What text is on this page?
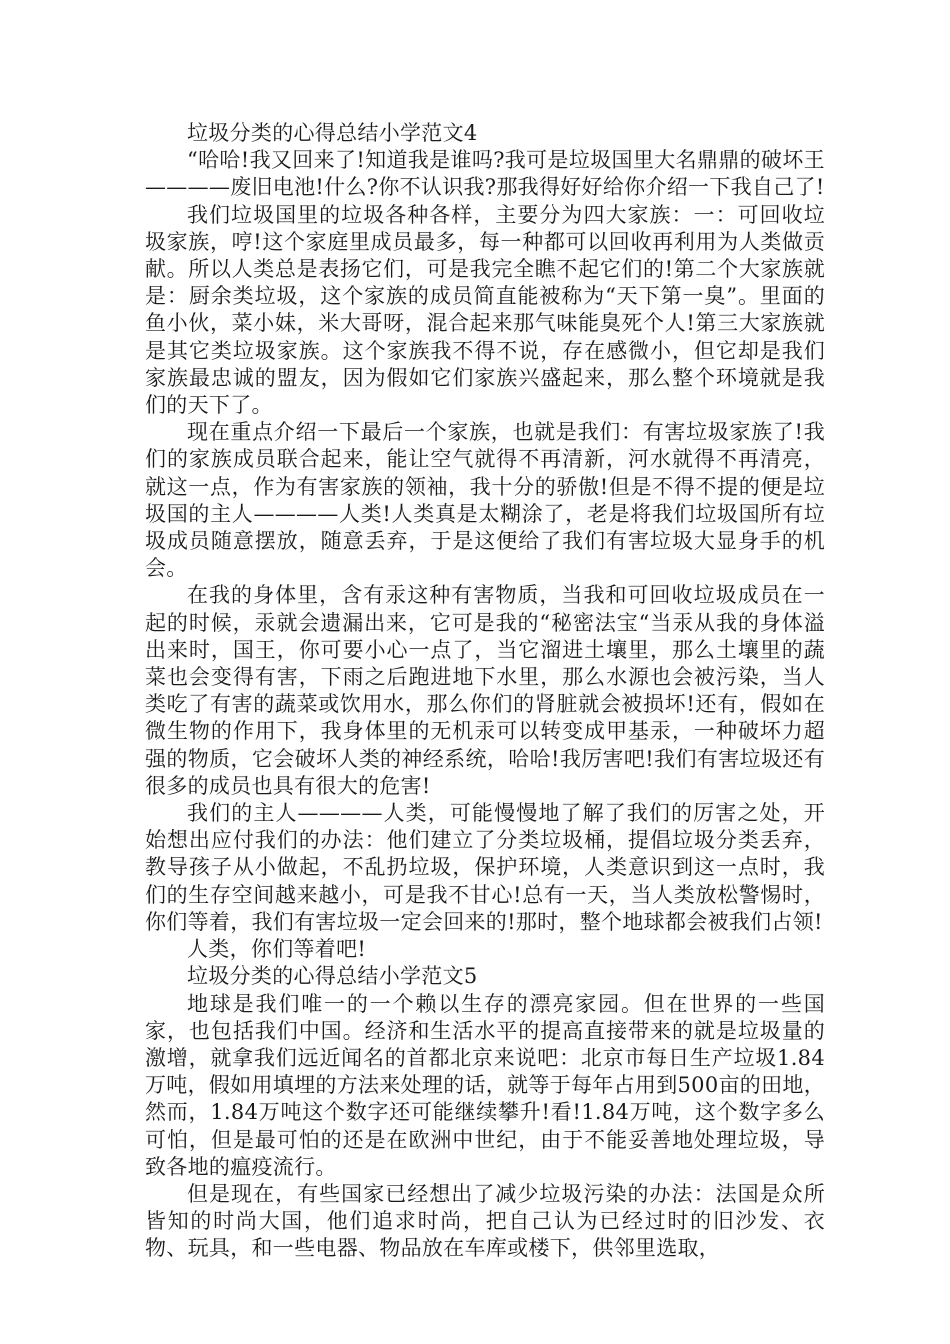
垃圾分类的心得总结小学范文4

“哈哈!我又回来了!知道我是谁吗?我可是垃圾国里大名鼎鼎的破坏王————废旧电池!什么?你不认识我?那我得好好给你介绍一下我自己了!

我们垃圾国里的垃圾各种各样，主要分为四大家族：一：可回收垃圾家族，哼!这个家庭里成员最多，每一种都可以回收再利用为人类做贡献。所以人类总是表扬它们，可是我完全瞧不起它们的!第二个大家族就是：厨余类垃圾，这个家族的成员简直能被称为“天下第一臭”。里面的鱼小伙，菜小妹，米大哥呀，混合起来那气味能臭死个人!第三大家族就是其它类垃圾家族。这个家族我不得不说，存在感微小，但它却是我们家族最忠诚的盟友，因为假如它们家族兴盛起来，那么整个环境就是我们的天下了。

现在重点介绍一下最后一个家族，也就是我们：有害垃圾家族了!我们的家族成员联合起来，能让空气就得不再清新，河水就得不再清亮，就这一点，作为有害家族的领袖，我十分的骄傲!但是不得不提的便是垃圾国的主人————人类!人类真是太糊涂了，老是将我们垃圾国所有垃圾成员随意摆放，随意丢弃，于是这便给了我们有害垃圾大显身手的机会。

在我的身体里，含有汞这种有害物质，当我和可回收垃圾成员在一起的时候，汞就会遗漏出来，它可是我的“秘密法宝“当汞从我的身体溢出来时，国王，你可要小心一点了，当它溜进土壤里，那么土壤里的蔬菜也会变得有害，下雨之后跑进地下水里，那么水源也会被污染，当人类吃了有害的蔬菜或饮用水，那么你们的肾脏就会被损坏!还有，假如在微生物的作用下，我身体里的无机汞可以转变成甲基汞，一种破坏力超强的物质，它会破坏人类的神经系统，哈哈!我厉害吧!我们有害垃圾还有很多的成员也具有很大的危害!

我们的主人————人类，可能慢慢地了解了我们的厉害之处，开始想出应付我们的办法：他们建立了分类垃圾桶，提倡垃圾分类丢弃，教导孩子从小做起，不乱扔垃圾，保护环境，人类意识到这一点时，我们的生存空间越来越小，可是我不甘心!总有一天，当人类放松警惕时，你们等着，我们有害垃圾一定会回来的!那时，整个地球都会被我们占领!

人类，你们等着吧!

垃圾分类的心得总结小学范文5

地球是我们唯一的一个赖以生存的漂亮家园。但在世界的一些国家，也包括我们中国。经济和生活水平的提高直接带来的就是垃圾量的激增，就拿我们远近闻名的首都北京来说吧：北京市每日生产垃圾1.84万吨，假如用填埋的方法来处理的话，就等于每年占用到500亩的田地，然而，1.84万吨这个数字还可能继续攀升!看!1.84万吨，这个数字多么可怕，但是最可怕的还是在欧洲中世纪，由于不能妥善地处理垃圾，导致各地的瘟疫流行。

但是现在，有些国家已经想出了减少垃圾污染的办法：法国是众所皆知的时尚大国，他们追求时尚，把自己认为已经过时的旧沙发、衣物、玩具，和一些电器、物品放在车库或楼下，供邻里选取，
